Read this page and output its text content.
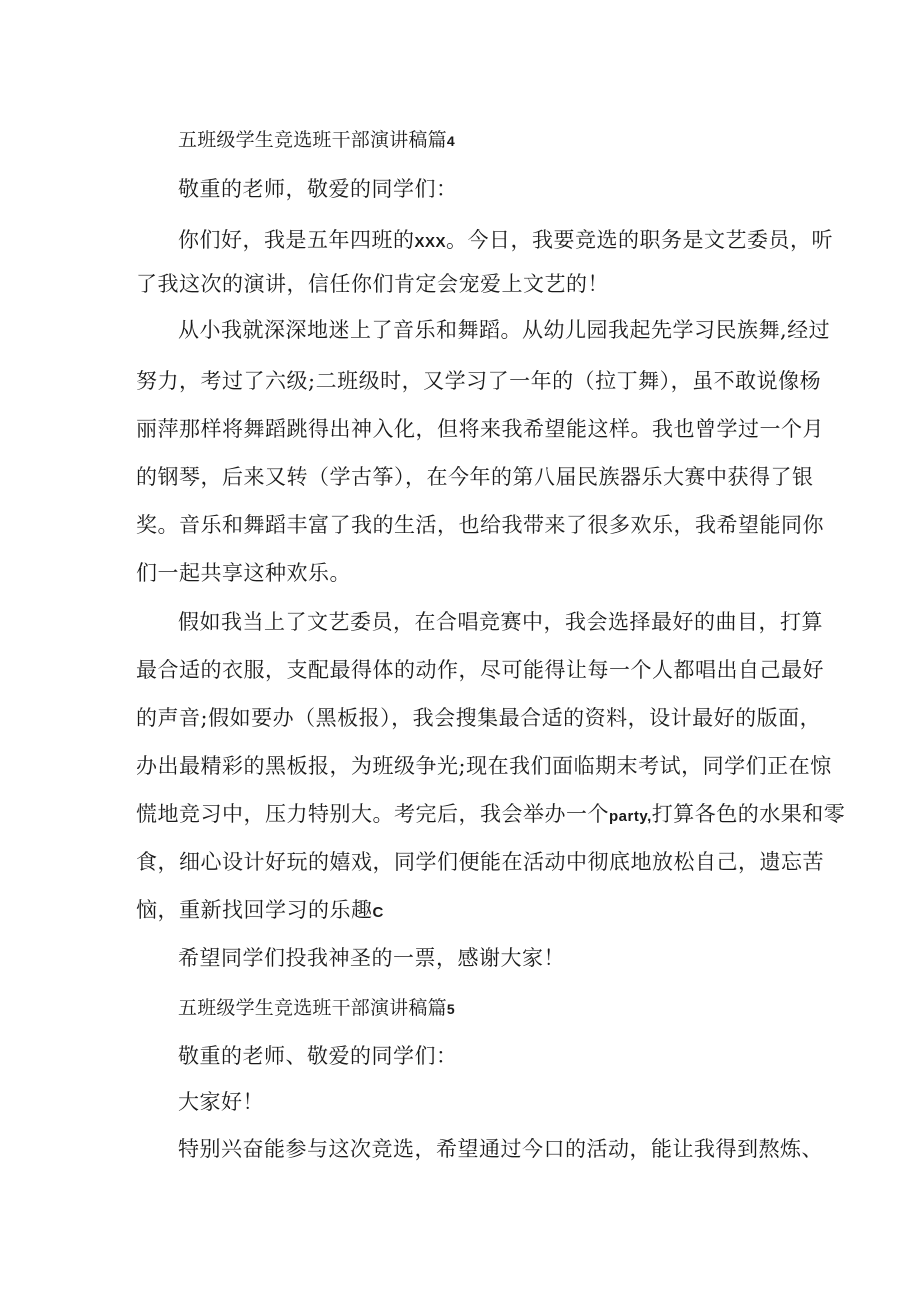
五班级学生竞选班干部演讲稿篇4

敬重的老师，敬爱的同学们：

你们好，我是五年四班的XXX。今日，我要竞选的职务是文艺委员，听

了我这次的演讲，信任你们肯定会宠爱上文艺的！

从小我就深深地迷上了音乐和舞蹈。从幼儿园我起先学习民族舞,经过

努力，考过了六级;二班级时，又学习了一年的（拉丁舞），虽不敢说像杨

丽萍那样将舞蹈跳得出神入化，但将来我希望能这样。我也曾学过一个月

的钢琴，后来又转（学古筝），在今年的第八届民族器乐大赛中获得了银

奖。音乐和舞蹈丰富了我的生活，也给我带来了很多欢乐，我希望能同你

们一起共享这种欢乐。

假如我当上了文艺委员，在合唱竞赛中，我会选择最好的曲目，打算

最合适的衣服，支配最得体的动作，尽可能得让每一个人都唱出自己最好

的声音;假如要办（黑板报），我会搜集最合适的资料，设计最好的版面，

办出最精彩的黑板报，为班级争光;现在我们面临期末考试，同学们正在惊

慌地竞习中，压力特别大。考完后，我会举办一个party,打算各色的水果和零

食，细心设计好玩的嬉戏，同学们便能在活动中彻底地放松自己，遗忘苦

恼，重新找回学习的乐趣C

希望同学们投我神圣的一票，感谢大家！

五班级学生竞选班干部演讲稿篇5

敬重的老师、敬爱的同学们：

大家好！

特别兴奋能参与这次竞选，希望通过今口的活动，能让我得到熬炼、
